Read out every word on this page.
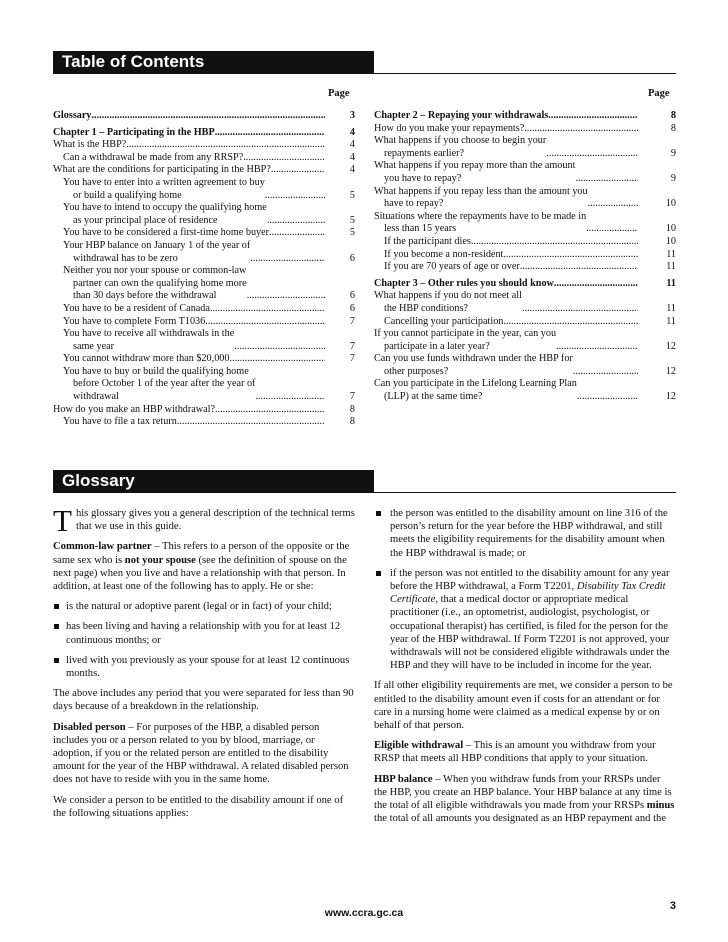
Table of Contents
Page	Page
Glossary .....	3
Chapter 1 – Participating in the HBP .....	4
What is the HBP? .....	4
Can a withdrawal be made from any RRSP? .....	4
What are the conditions for participating in the HBP? .....	4
You have to enter into a written agreement to buy
or build a qualifying home .....	5
You have to intend to occupy the qualifying home
as your principal place of residence .....	5
You have to be considered a first-time home buyer .....	5
Your HBP balance on January 1 of the year of
withdrawal has to be zero .....	6
Neither you nor your spouse or common-law
partner can own the qualifying home more
than 30 days before the withdrawal .....	6
You have to be a resident of Canada .....	6
You have to complete Form T1036 .....	7
You have to receive all withdrawals in the
same year .....	7
You cannot withdraw more than $20,000 .....	7
You have to buy or build the qualifying home
before October 1 of the year after the year of
withdrawal .....	7
How do you make an HBP withdrawal? .....	8
You have to file a tax return .....	8
Chapter 2 – Repaying your withdrawals .....	8
How do you make your repayments? .....	8
What happens if you choose to begin your
repayments earlier? .....	9
What happens if you repay more than the amount
you have to repay? .....	9
What happens if you repay less than the amount you
have to repay? .....	10
Situations where the repayments have to be made in
less than 15 years .....	10
If the participant dies .....	10
If you become a non-resident .....	11
If you are 70 years of age or over .....	11
Chapter 3 – Other rules you should know .....	11
What happens if you do not meet all
the HBP conditions? .....	11
Cancelling your participation .....	11
If you cannot participate in the year, can you
participate in a later year? .....	12
Can you use funds withdrawn under the HBP for
other purposes? .....	12
Can you participate in the Lifelong Learning Plan
(LLP) at the same time? .....	12
Glossary

This glossary gives you a general description of the technical terms that we use in this guide.

Common-law partner – This refers to a person of the opposite or the same sex who is not your spouse (see the definition of spouse on the next page) when you live and have a relationship with that person. In addition, at least one of the following has to apply. He or she:

is the natural or adoptive parent (legal or in fact) of your child;
has been living and having a relationship with you for at least 12 continuous months; or
lived with you previously as your spouse for at least 12 continuous months.

The above includes any period that you were separated for less than 90 days because of a breakdown in the relationship.

Disabled person – For purposes of the HBP, a disabled person includes you or a person related to you by blood, marriage, or adoption, if you or the related person are entitled to the disability amount for the year of the HBP withdrawal. A related disabled person does not have to reside with you in the same home.

We consider a person to be entitled to the disability amount if one of the following situations applies:

the person was entitled to the disability amount on line 316 of the person’s return for the year before the HBP withdrawal, and still meets the eligibility requirements for the disability amount when the HBP withdrawal is made; or
if the person was not entitled to the disability amount for any year before the HBP withdrawal, a Form T2201, Disability Tax Credit Certificate, that a medical doctor or appropriate medical practitioner (i.e., an optometrist, audiologist, psychologist, or occupational therapist) has certified, is filed for the person for the year of the HBP withdrawal. If Form T2201 is not approved, your withdrawals will not be considered eligible withdrawals under the HBP and they will have to be included in income for the year.

If all other eligibility requirements are met, we consider a person to be entitled to the disability amount even if costs for an attendant or for care in a nursing home were claimed as a medical expense by or on behalf of that person.

Eligible withdrawal – This is an amount you withdraw from your RRSP that meets all HBP conditions that apply to your situation.

HBP balance – When you withdraw funds from your RRSPs under the HBP, you create an HBP balance. Your HBP balance at any time is the total of all eligible withdrawals you made from your RRSPs minus the total of all amounts you designated as an HBP repayment and the

www.ccra.gc.ca
3
